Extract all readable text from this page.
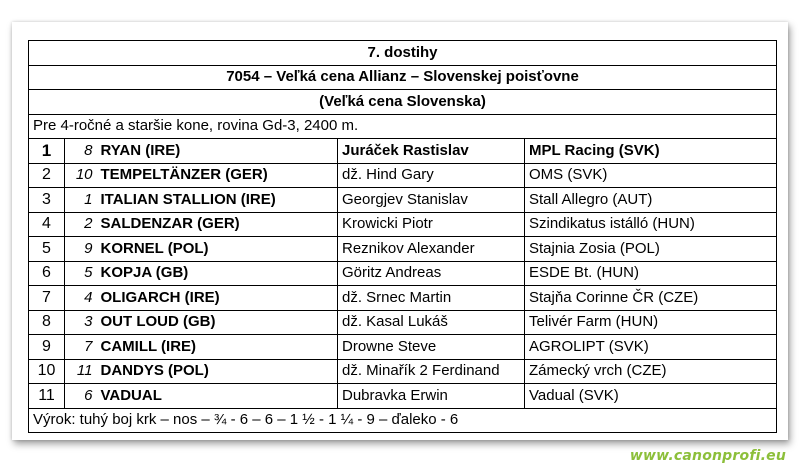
7. dostihy				
7054 – Veľká cena Allianz – Slovenskej poisťovne				
(Veľká cena Slovenska)				
Pre 4-ročné a staršie kone, rovina Gd-3, 2400 m.				
1	8	RYAN (IRE)	Juráček Rastislav	MPL Racing (SVK)
2	10	TEMPELTÄNZER (GER)	dž. Hind Gary	OMS (SVK)
3	1	ITALIAN STALLION (IRE)	Georgjev Stanislav	Stall Allegro (AUT)
4	2	SALDENZAR (GER)	Krowicki Piotr	Szindikatus istálló (HUN)
5	9	KORNEL (POL)	Reznikov Alexander	Stajnia Zosia (POL)
6	5	KOPJA (GB)	Göritz Andreas	ESDE Bt. (HUN)
7	4	OLIGARCH (IRE)	dž. Srnec Martin	Stajňa Corinne ČR (CZE)
8	3	OUT LOUD (GB)	dž. Kasal Lukáš	Telivér Farm (HUN)
9	7	CAMILL (IRE)	Drowne Steve	AGROLIPT (SVK)
10	11	DANDYS (POL)	dž. Minařík 2 Ferdinand	Zámecký vrch (CZE)
11	6	VADUAL	Dubravka Erwin	Vadual (SVK)
Výrok: tuhý boj krk – nos – ¾ - 6 – 6 – 1 ½ - 1 ¼ - 9 – ďaleko - 6				
www.canonprofi.eu
